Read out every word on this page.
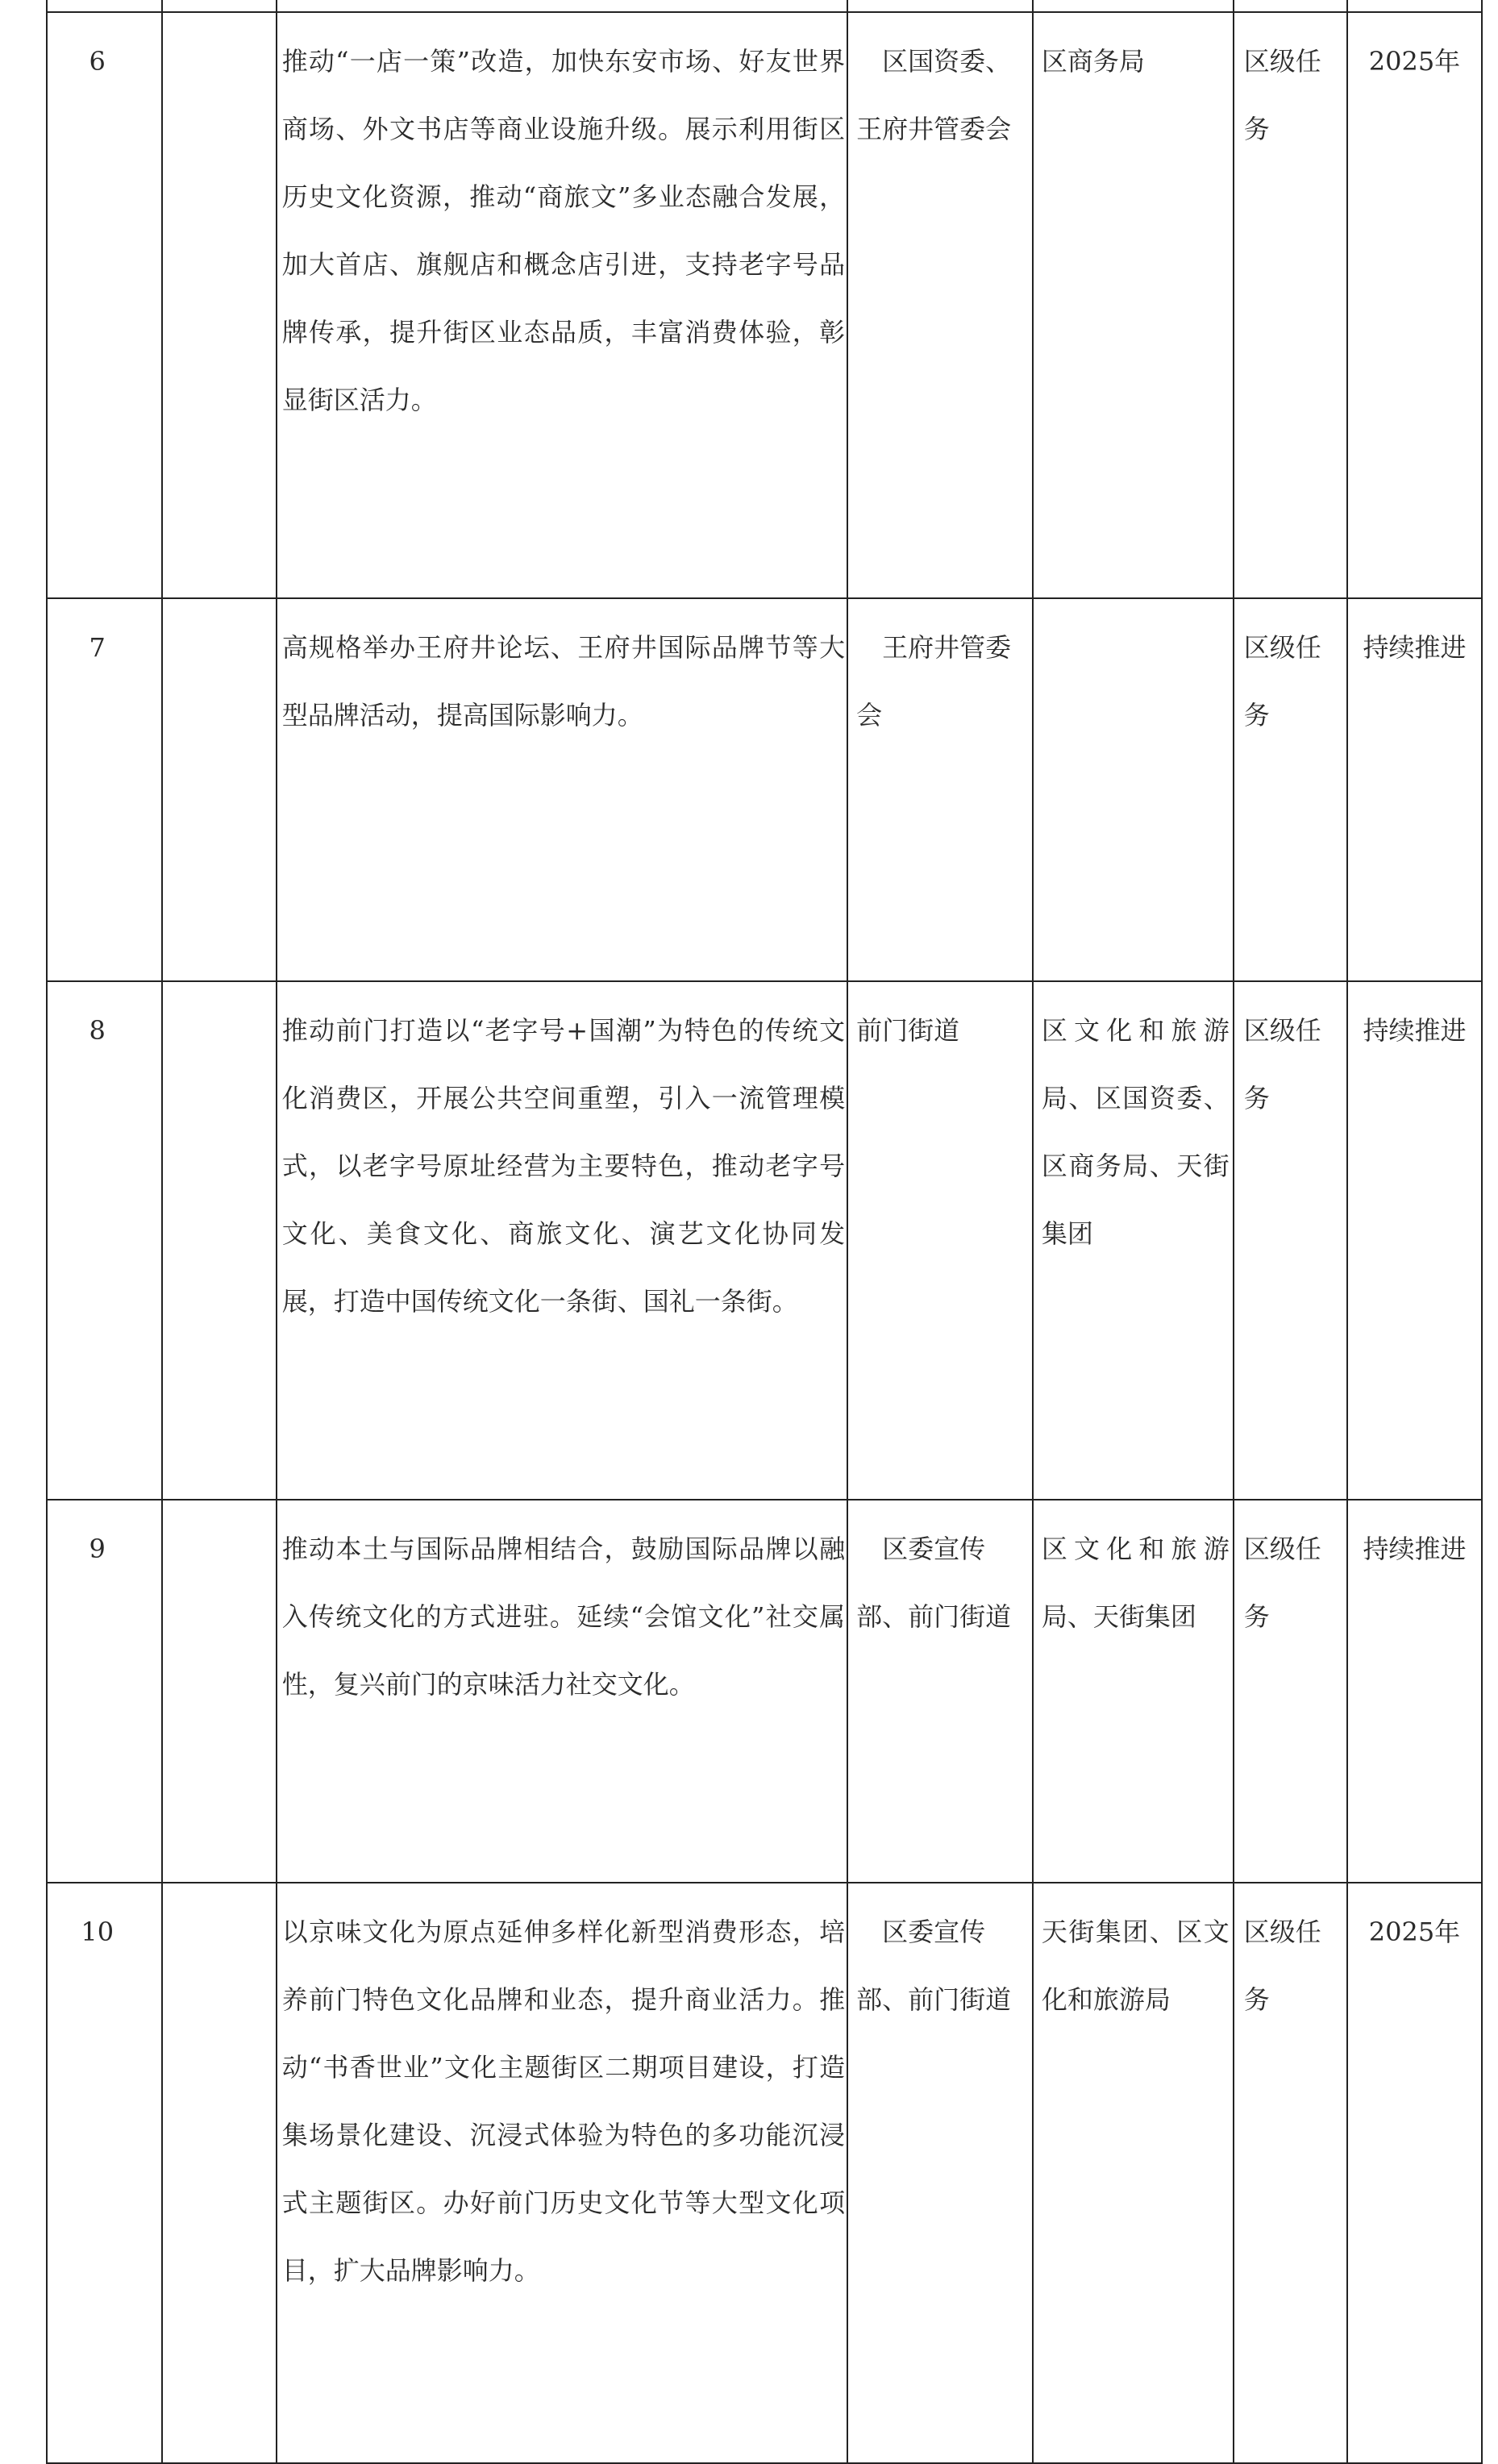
6		推动“一店一策”改造，加快东安市场、好友世界商场、外文书店等商业设施升级。展示利用街区历史文化资源，推动“商旅文”多业态融合发展，加大首店、旗舰店和概念店引进，支持老字号品牌传承，提升街区业态品质，丰富消费体验，彰显街区活力。	区国资委、王府井管委会	区商务局	区级任务	2025年

7		高规格举办王府井论坛、王府井国际品牌节等大型品牌活动，提高国际影响力。	王府井管委会		区级任务	持续推进

8		推动前门打造以“老字号+国潮”为特色的传统文化消费区，开展公共空间重塑，引入一流管理模式，以老字号原址经营为主要特色，推动老字号文化、美食文化、商旅文化、演艺文化协同发展，打造中国传统文化一条街、国礼一条街。	前门街道	区文化和旅游局、区国资委、区商务局、天街集团	区级任务	持续推进

9		推动本土与国际品牌相结合，鼓励国际品牌以融入传统文化的方式进驻。延续“会馆文化”社交属性，复兴前门的京味活力社交文化。	区委宣传部、前门街道	区文化和旅游局、天街集团	区级任务	持续推进

10		以京味文化为原点延伸多样化新型消费形态，培养前门特色文化品牌和业态，提升商业活力。推动“书香世业”文化主题街区二期项目建设，打造集场景化建设、沉浸式体验为特色的多功能沉浸式主题街区。办好前门历史文化节等大型文化项目，扩大品牌影响力。	区委宣传部、前门街道	天街集团、区文化和旅游局	区级任务	2025年
